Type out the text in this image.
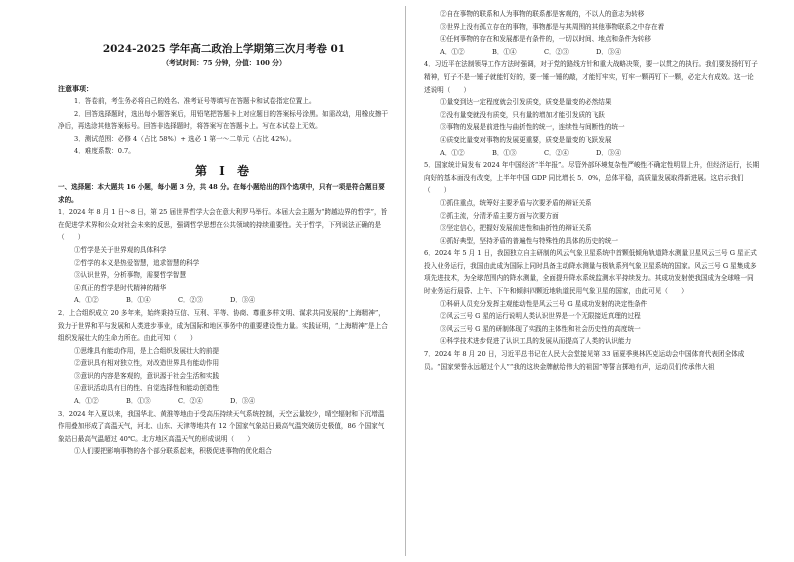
2024-2025 学年高二政治上学期第三次月考卷 01
（考试时间：75 分钟，分值：100 分）
注意事项：

1．答卷前，考生务必将自己的姓名、准考证号等填写在答题卡和试卷指定位置上。

2．回答选择题时，选出每小题答案后，用铅笔把答题卡上对应题目的答案标号涂黑。如需改动，用橡皮擦干净后，再选涂其他答案标号。回答非选择题时，将答案写在答题卡上。写在本试卷上无效。

3．测试范围：必修 4（占比 58%）+ 选必 1 第一～二单元（占比 42%）。

4．难度系数：0.7。

第 Ⅰ 卷

一、选择题：本大题共 16 小题，每小题 3 分，共 48 分。在每小题给出的四个选项中，只有一项是符合题目要求的。

1．2024 年 8 月 1 日～8 日，第 25 届世界哲学大会在意大利罗马举行。本届大会主题为“跨越边界的哲学”，旨在促进学术界和公众对社会未来的反思，强调哲学思想在公共领域的持续重要性。关于哲学，下列说法正确的是（　　）

①哲学是关于世界观的具体科学

②哲学的本义是热爱智慧，追求智慧的科学

③认识世界，分析事物，需要哲学智慧

④真正的哲学是时代精神的精华

A．①②	B．①④	C．②③	D．③④

2．上合组织成立 20 多年来，始终秉持互信、互利、平等、协商、尊重多样文明、谋求共同发展的“上海精神”，致力于世界和平与发展和人类进步事业，成为国际和地区事务中的重要建设性力量。实践证明，“上海精神”是上合组织发展壮大的生命力所在。由此可知（　　）

①思维具有能动作用，是上合组织发展壮大的前提

②意识具有相对独立性，对改造世界具有能动作用

③意识的内容是客观的，意识源于社会生活和实践

④意识活动具有目的性、自觉选择性和能动创造性

A．①②	B．①③	C．②④	D．③④

3．2024 年入夏以来，我国华北、黄淮等地由于受高压持续天气系统控制，天空云量较少，晴空辐射和下沉增温作用叠加形成了高温天气，河北、山东、天津等地共有 12 个国家气象站日最高气温突破历史极值，86 个国家气象站日最高气温超过 40℃。北方地区高温天气的形成说明（　　）

①人们要把影响事物的各个部分联系起来，积极促进事物的优化组合

②自在事物的联系和人为事物的联系都是客观的，不以人的意志为转移

③世界上没有孤立存在的事物，事物都是与其周围的其他事物联系之中存在着

④任何事物的存在和发展都是有条件的，一切以时间、地点和条件为转移

A．①②	B．①④	C．②③	D．③④

4．习近平在法制领导工作方法时强调，对于党的路线方针和重大战略决策，要一以贯之的执行。我们要发扬钉钉子精神，钉子不是一锤子就能钉好的，要一锤一锤的敲，才能钉牢实，钉牢一颗再钉下一颗，必定大有成效。这一论述说明（　　）

①量变到达一定程度就会引发质变，质变是量变的必然结果

②没有量变就没有质变，只有量的增加才能引发质的飞跃

③事物的发展是前进性与曲折性的统一，连续性与间断性的统一

④质变比量变对事物的发展更重要，质变是量变的飞跃发展

A．①②	B．①③	C．②④	D．③④

5．国家统计局发布 2024 年中国经济“半年报”。尽管外部环境复杂性严峻性不确定性明显上升，但经济运行，长期向好的基本面没有改变，上半年中国 GDP 同比增长 5．0%，总体平稳，高质量发展取得新进展。这启示我们（　　）

①抓住重点，统筹好主要矛盾与次要矛盾的辩证关系

②抓主流，分清矛盾主要方面与次要方面

③坚定信心，把握好发展前进性和曲折性的辩证关系

④抓好典型，坚持矛盾的普遍性与特殊性的具体的历史的统一

6．2024 年 5 月 1 日，我国独立自主研制的风云气象卫星系统中首颗低倾角轨道降水测量卫星风云三号 G 星正式投入业务运行，我国由此成为国际上同时具备主动降水测量与极轨系列气象卫星系统的国家。风云三号 G 星集成多项先进技术，为全球范围内的降水测量，全面提升降水系统监测水平持续发力。其成功发射使我国成为全球唯一同时业务运行晨昏、上午、下午和倾斜四颗近地轨道民用气象卫星的国家，由此可见（　　）

①科研人员充分发挥主观能动性是风云三号 G 星成功发射的决定性条件

②风云三号 G 星的运行说明人类认识世界是一个无限接近真理的过程

③风云三号 G 星的研制体现了实践的主体性和社会历史性的高度统一

④科学技术进步促进了认识工具的发展从而提高了人类的认识能力

7．2024 年 8 月 20 日，习近平总书记在人民大会堂接见第 33 届夏季奥林匹克运动会中国体育代表团全体成员。“国家荣誉永远超过个人”“我的这块金牌献给伟大的祖国”等誓言掷地有声，运动员们传承伟大祖
